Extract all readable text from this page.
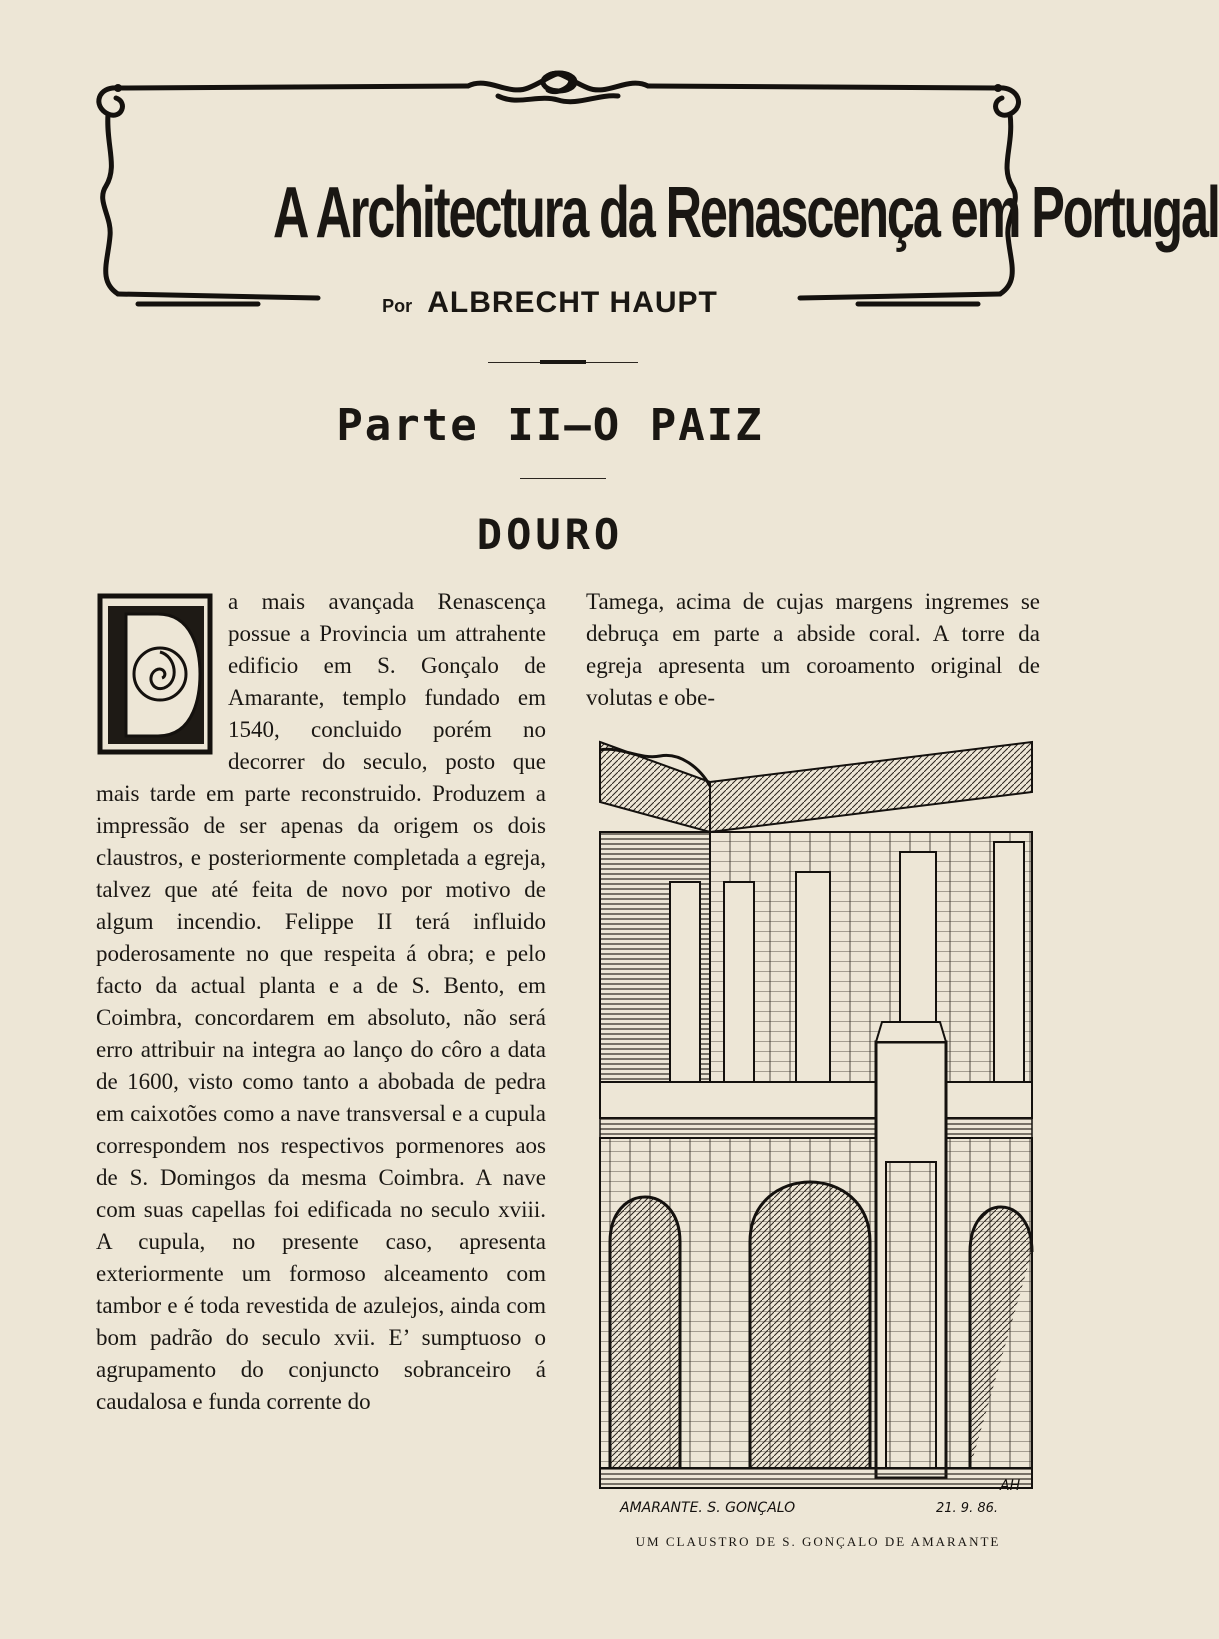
A Architectura da Renascença em Portugal
Por ALBRECHT HAUPT
Parte II—O PAIZ
DOURO

D
a mais avançada Renascença possue a Provincia um attrahente edificio em S. Gonçalo de Amarante, templo fundado em 1540, concluido porém no decorrer do seculo, posto que mais tarde em parte reconstruido. Produzem a impressão de ser apenas da origem os dois claustros, e posteriormente completada a egreja, talvez que até feita de novo por motivo de algum incendio. Felippe II terá influido poderosamente no que respeita á obra; e pelo facto da actual planta e a de S. Bento, em Coimbra, concordarem em absoluto, não será erro attribuir na integra ao lanço do côro a data de 1600, visto como tanto a abobada de pedra em caixotões como a nave transversal e a cupula correspondem nos respectivos pormenores aos de S. Domingos da mesma Coimbra. A nave com suas capellas foi edificada no seculo xviii. A cupula, no presente caso, apresenta exteriormente um formoso alceamento com tambor e é toda revestida de azulejos, ainda com bom padrão do seculo xvii. E’ sumptuoso o agrupamento do conjuncto sobranceiro á caudalosa e funda corrente do

Tamega, acima de cujas margens ingremes se debruça em parte a abside coral. A torre da egreja apresenta um coroamento original de volutas e obe-

AMARANTE. S. GONÇALO	21. 9. 86.
AH
UM CLAUSTRO DE S. GONÇALO DE AMARANTE
